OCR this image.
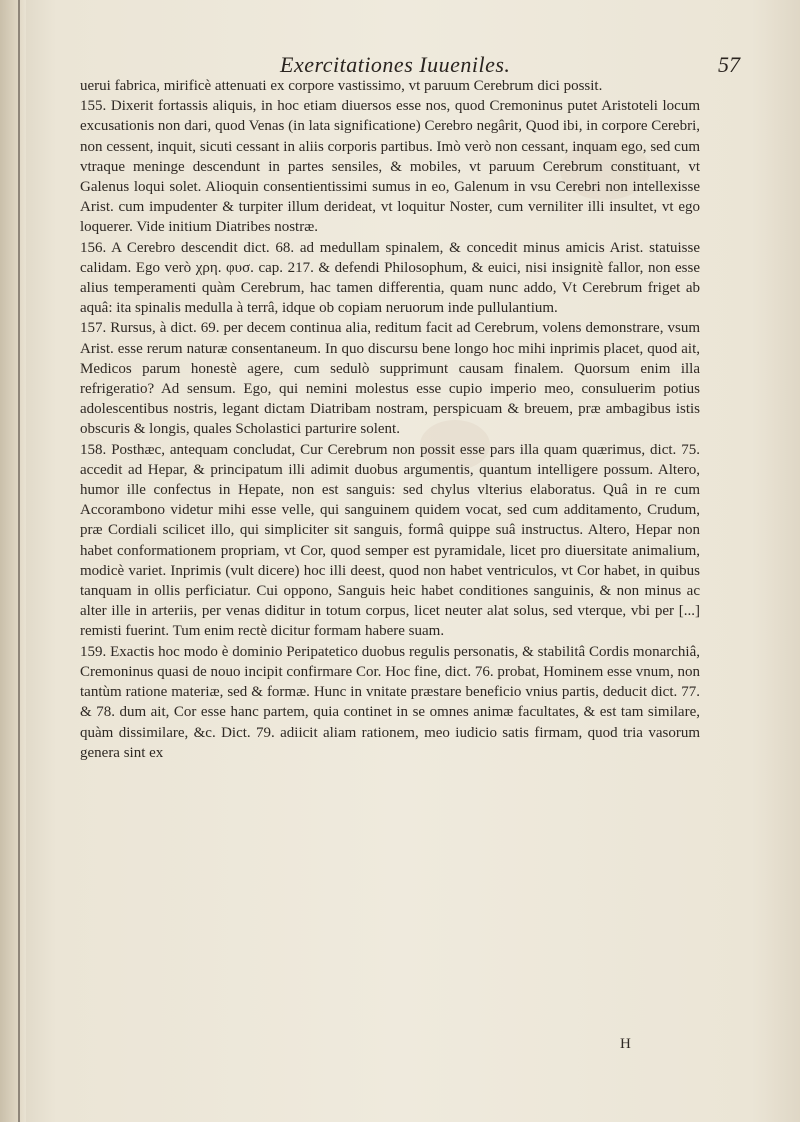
Exercitationes Iuueniles.	57

uerui fabrica, mirificè attenuati ex corpore vastissimo, vt paruum Cerebrum dici possit.

155. Dixerit fortassis aliquis, in hoc etiam diuersos esse nos, quod Cremoninus putet Aristoteli locum excusationis non dari, quod Venas (in lata significatione) Cerebro negârit, Quod ibi, in corpore Cerebri, non cessent, inquit, sicuti cessant in aliis corporis partibus. Imò verò non cessant, inquam ego, sed cum vtraque meninge descendunt in partes sensiles, & mobiles, vt paruum Cerebrum constituant, vt Galenus loqui solet. Alioquin consentientissimi sumus in eo, Galenum in vsu Cerebri non intellexisse Arist. cum impudenter & turpiter illum derideat, vt loquitur Noster, cum verniliter illi insultet, vt ego loquerer. Vide initium Diatribes nostræ.

156. A Cerebro descendit dict. 68. ad medullam spinalem, & concedit minus amicis Arist. statuisse calidam. Ego verò χρη. φυσ. cap. 217. & defendi Philosophum, & euici, nisi insignitè fallor, non esse alius temperamenti quàm Cerebrum, hac tamen differentia, quam nunc addo, Vt Cerebrum friget ab aquâ: ita spinalis medulla à terrâ, idque ob copiam neruorum inde pullulantium.

157. Rursus, à dict. 69. per decem continua alia, reditum facit ad Cerebrum, volens demonstrare, vsum Arist. esse rerum naturæ consentaneum. In quo discursu bene longo hoc mihi inprimis placet, quod ait, Medicos parum honestè agere, cum sedulò supprimunt causam finalem. Quorsum enim illa refrigeratio? Ad sensum. Ego, qui nemini molestus esse cupio imperio meo, consuluerim potius adolescentibus nostris, legant dictam Diatribam nostram, perspicuam & breuem, præ ambagibus istis obscuris & longis, quales Scholastici parturire solent.

158. Posthæc, antequam concludat, Cur Cerebrum non possit esse pars illa quam quærimus, dict. 75. accedit ad Hepar, & principatum illi adimit duobus argumentis, quantum intelligere possum. Altero, humor ille confectus in Hepate, non est sanguis: sed chylus vlterius elaboratus. Quâ in re cum Accorambono videtur mihi esse velle, qui sanguinem quidem vocat, sed cum additamento, Crudum, præ Cordiali scilicet illo, qui simpliciter sit sanguis, formâ quippe suâ instructus. Altero, Hepar non habet conformationem propriam, vt Cor, quod semper est pyramidale, licet pro diuersitate animalium, modicè variet. Inprimis (vult dicere) hoc illi deest, quod non habet ventriculos, vt Cor habet, in quibus tanquam in ollis perficiatur. Cui oppono, Sanguis heic habet conditiones sanguinis, & non minus ac alter ille in arteriis, per venas diditur in totum corpus, licet neuter alat solus, sed vterque, vbi per [...] remisti fuerint. Tum enim rectè dicitur formam habere suam.

159. Exactis hoc modo è dominio Peripatetico duobus regulis personatis, & stabilitâ Cordis monarchiâ, Cremoninus quasi de nouo incipit confirmare Cor. Hoc fine, dict. 76. probat, Hominem esse vnum, non tantùm ratione materiæ, sed & formæ. Hunc in vnitate præstare beneficio vnius partis, deducit dict. 77. & 78. dum ait, Cor esse hanc partem, quia continet in se omnes animæ facultates, & est tam similare, quàm dissimilare, &c. Dict. 79. adiicit aliam rationem, meo iudicio satis firmam, quod tria vasorum genera sint ex

H
